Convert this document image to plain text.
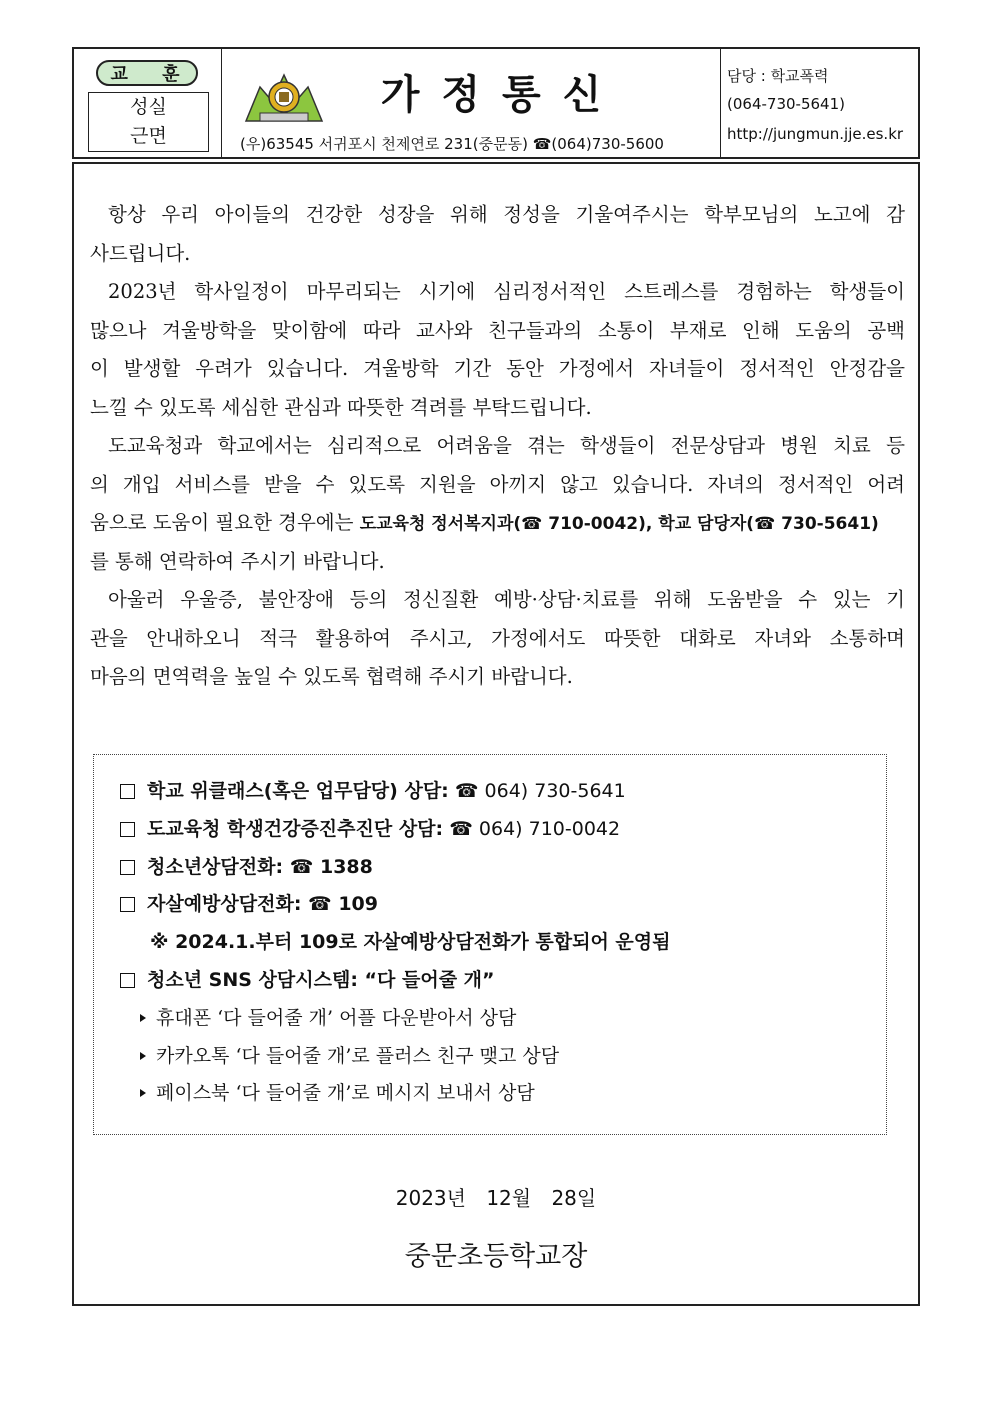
교 훈
성실
근면
가정통신
(우)63545 서귀포시 천제연로 231(중문동) ☎(064)730-5600
담당 : 학교폭력
(064-730-5641)
http://jungmun.jje.es.kr
항상 우리 아이들의 건강한 성장을 위해 정성을 기울여주시는 학부모님의 노고에 감
사드립니다.
2023년 학사일정이 마무리되는 시기에 심리정서적인 스트레스를 경험하는 학생들이
많으나 겨울방학을 맞이함에 따라 교사와 친구들과의 소통이 부재로 인해 도움의 공백
이 발생할 우려가 있습니다. 겨울방학 기간 동안 가정에서 자녀들이 정서적인 안정감을
느낄 수 있도록 세심한 관심과 따뜻한 격려를 부탁드립니다.
도교육청과 학교에서는 심리적으로 어려움을 겪는 학생들이 전문상담과 병원 치료 등
의 개입 서비스를 받을 수 있도록 지원을 아끼지 않고 있습니다. 자녀의 정서적인 어려
움으로 도움이 필요한 경우에는 도교육청 정서복지과(☎ 710-0042), 학교 담당자(☎ 730-5641)
를 통해 연락하여 주시기 바랍니다.
아울러 우울증, 불안장애 등의 정신질환 예방·상담·치료를 위해 도움받을 수 있는 기
관을 안내하오니 적극 활용하여 주시고, 가정에서도 따뜻한 대화로 자녀와 소통하며
마음의 면역력을 높일 수 있도록 협력해 주시기 바랍니다.
학교 위클래스(혹은 업무담당) 상담: ☎ 064) 730-5641
도교육청 학생건강증진추진단 상담: ☎ 064) 710-0042
청소년상담전화: ☎ 1388
자살예방상담전화: ☎ 109
※ 2024.1.부터 109로 자살예방상담전화가 통합되어 운영됨
청소년 SNS 상담시스템: “다 들어줄 개”
휴대폰 ‘다 들어줄 개’ 어플 다운받아서 상담
카카오톡 ‘다 들어줄 개’로 플러스 친구 맺고 상담
페이스북 ‘다 들어줄 개’로 메시지 보내서 상담
2023년 12월 28일
중문초등학교장
